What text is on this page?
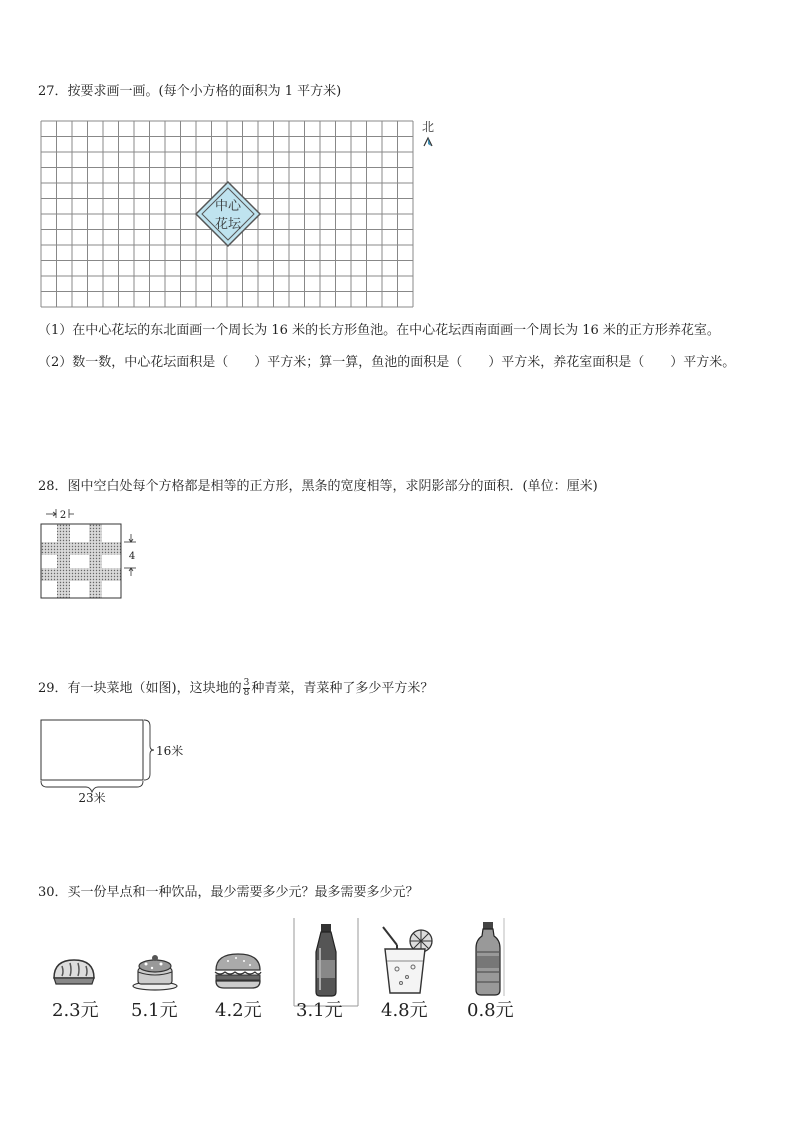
27．按要求画一画。(每个小方格的面积为 1 平方米)
中心
花坛
北
（1）在中心花坛的东北面画一个周长为 16 米的长方形鱼池。在中心花坛西南面画一个周长为 16 米的正方形养花室。
（2）数一数，中心花坛面积是（　　）平方米；算一算，鱼池的面积是（　　）平方米，养花室面积是（　　）平方米。
28．图中空白处每个方格都是相等的正方形，黑条的宽度相等，求阴影部分的面积．(单位：厘米)
2
4
29．有一块菜地（如图)，这块地的 $\frac{3}{8}$ 种青菜，青菜种了多少平方米？
16米
23米
30．买一份早点和一种饮品，最少需要多少元？最多需要多少元？
2.3元 5.1元 4.2元 3.1元 4.8元 0.8元
